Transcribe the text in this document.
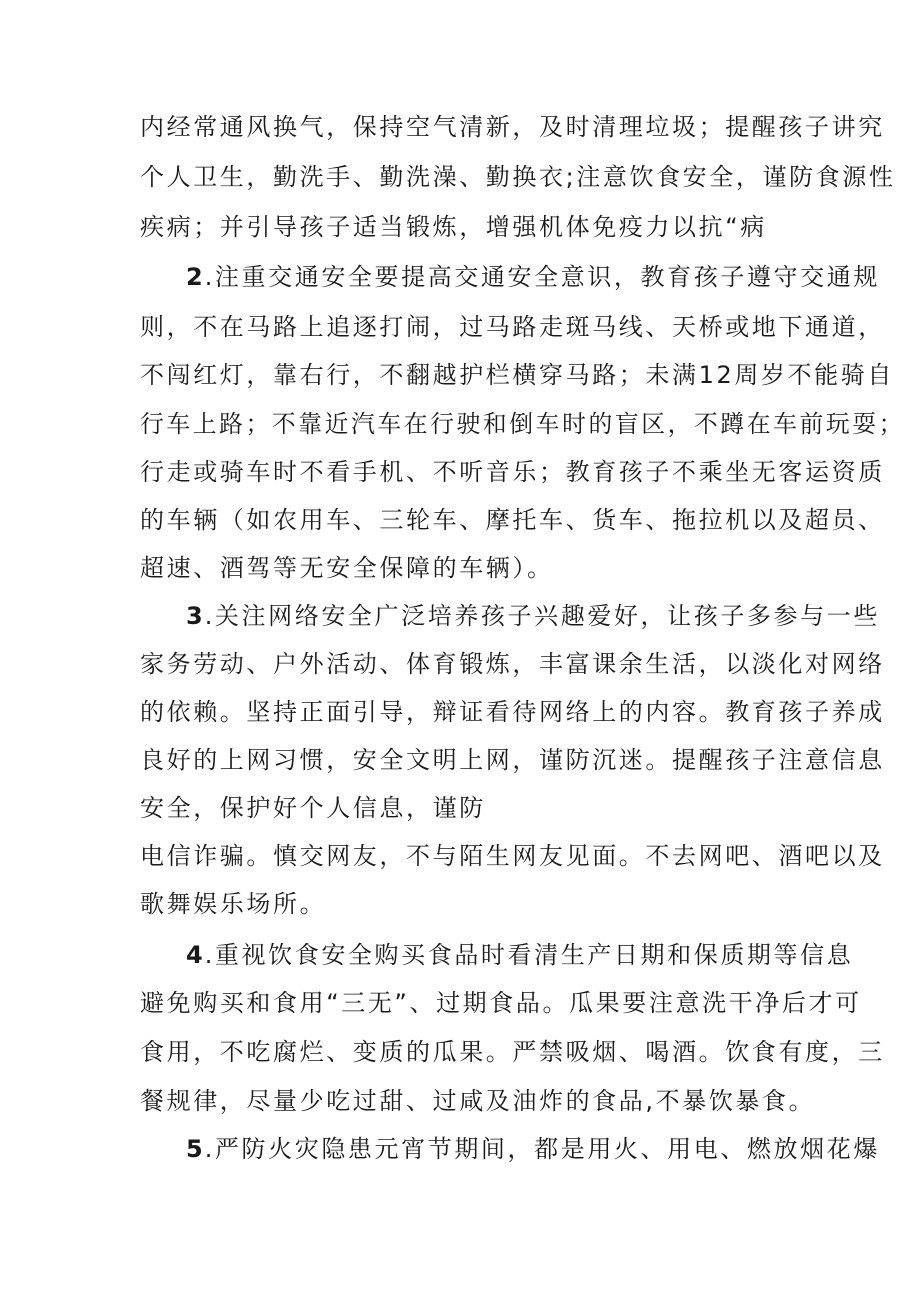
内经常通风换气，保持空气清新，及时清理垃圾；提醒孩子讲究
个人卫生，勤洗手、勤洗澡、勤换衣;注意饮食安全，谨防食源性
疾病；并引导孩子适当锻炼，增强机体免疫力以抗“病
2.注重交通安全要提高交通安全意识，教育孩子遵守交通规
则，不在马路上追逐打闹，过马路走斑马线、天桥或地下通道，
不闯红灯，靠右行，不翻越护栏横穿马路；未满12周岁不能骑自
行车上路；不靠近汽车在行驶和倒车时的盲区，不蹲在车前玩耍；
行走或骑车时不看手机、不听音乐；教育孩子不乘坐无客运资质
的车辆（如农用车、三轮车、摩托车、货车、拖拉机以及超员、
超速、酒驾等无安全保障的车辆）。
3.关注网络安全广泛培养孩子兴趣爱好，让孩子多参与一些
家务劳动、户外活动、体育锻炼，丰富课余生活，以淡化对网络
的依赖。坚持正面引导，辩证看待网络上的内容。教育孩子养成
良好的上网习惯，安全文明上网，谨防沉迷。提醒孩子注意信息
安全，保护好个人信息，谨防
电信诈骗。慎交网友，不与陌生网友见面。不去网吧、酒吧以及
歌舞娱乐场所。
4.重视饮食安全购买食品时看清生产日期和保质期等信息
避免购买和食用“三无”、过期食品。瓜果要注意洗干净后才可
食用，不吃腐烂、变质的瓜果。严禁吸烟、喝酒。饮食有度，三
餐规律，尽量少吃过甜、过咸及油炸的食品,不暴饮暴食。
5.严防火灾隐患元宵节期间，都是用火、用电、燃放烟花爆
